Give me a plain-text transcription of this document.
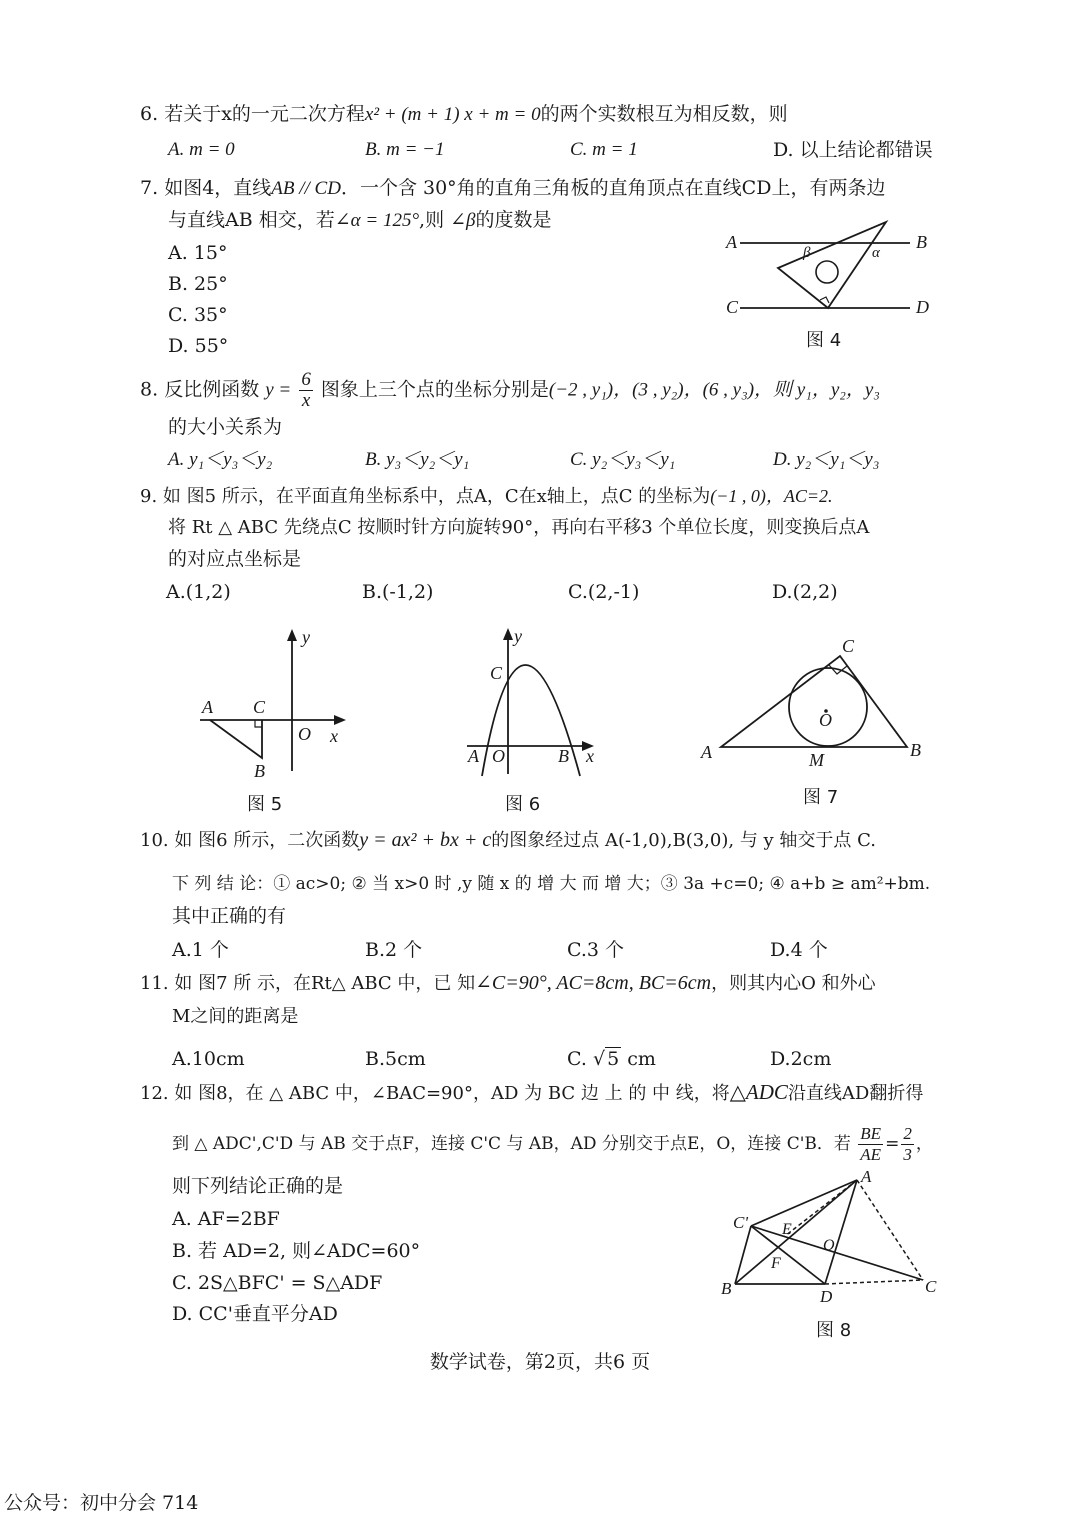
6. 若关于x的一元二次方程x² + (m + 1) x + m = 0的两个实数根互为相反数，则
A. m = 0	B. m = −1	C. m = 1	D. 以上结论都错误
7. 如图4，直线AB // CD．一个含 30°角的直角三角板的直角顶点在直线CD上，有两条边
与直线AB 相交，若∠α = 125°,则 ∠β的度数是
A. 15°
B. 25°
C. 35°
D. 55°
A	B
C	D
β	α
图 4
8. 反比例函数 $y = \frac{6}{x}$ 图象上三个点的坐标分别是(−2 , y₁)，(3 , y₂)，(6 , y₃)，则 y₁，y₂，y₃
的大小关系为
A. y₁＜y₃＜y₂	B. y₃＜y₂＜y₁	C. y₂＜y₃＜y₁	D. y₂＜y₁＜y₃
9. 如 图5 所示，在平面直角坐标系中，点A，C在x轴上，点C 的坐标为(−1 , 0)，AC=2.
将 Rt △ ABC 先绕点C 按顺时针方向旋转90°，再向右平移3 个单位长度，则变换后点A
的对应点坐标是
A.(1,2)	B.(-1,2)	C.(2,-1)	D.(2,2)
y
A C
O x
B
图 5
y
C
A O	B x
图 6
C
O
A	M	B
图 7
10. 如 图6 所示，二次函数y = ax² + bx + c的图象经过点 A(-1,0),B(3,0), 与 y 轴交于点 C.
下 列 结 论：① ac>0; ② 当 x>0 时 ,y 随 x 的 增 大 而 增 大；③ 3a +c=0; ④ a+b ≥ am²+bm.
其中正确的有
A.1 个	B.2 个	C.3 个	D.4 个
11. 如 图7 所 示，在Rt△ ABC 中，已 知∠C=90°, AC=8cm, BC=6cm，则其内心O 和外心
M之间的距离是
A.10cm	B.5cm	C. √ 5 cm	D.2cm
12. 如 图8，在 △ ABC 中，∠BAC=90°，AD 为 BC 边 上 的 中 线，将△ADC沿直线AD翻折得
到 △ ADC',C'D 与 AB 交于点F，连接 C'C 与 AB，AD 分别交于点E，O，连接 C'B．若 $\frac{BE}{AE} = \frac{2}{3}$ ，
则下列结论正确的是
A. AF=2BF
B. 若 AD=2, 则∠ADC=60°
C. 2S△BFC' = S△ADF
D. CC'垂直平分AD
A
C' E
O
F
B	D
C
图 8
数学试卷，第2页，共6 页
公众号：初中分会 714
